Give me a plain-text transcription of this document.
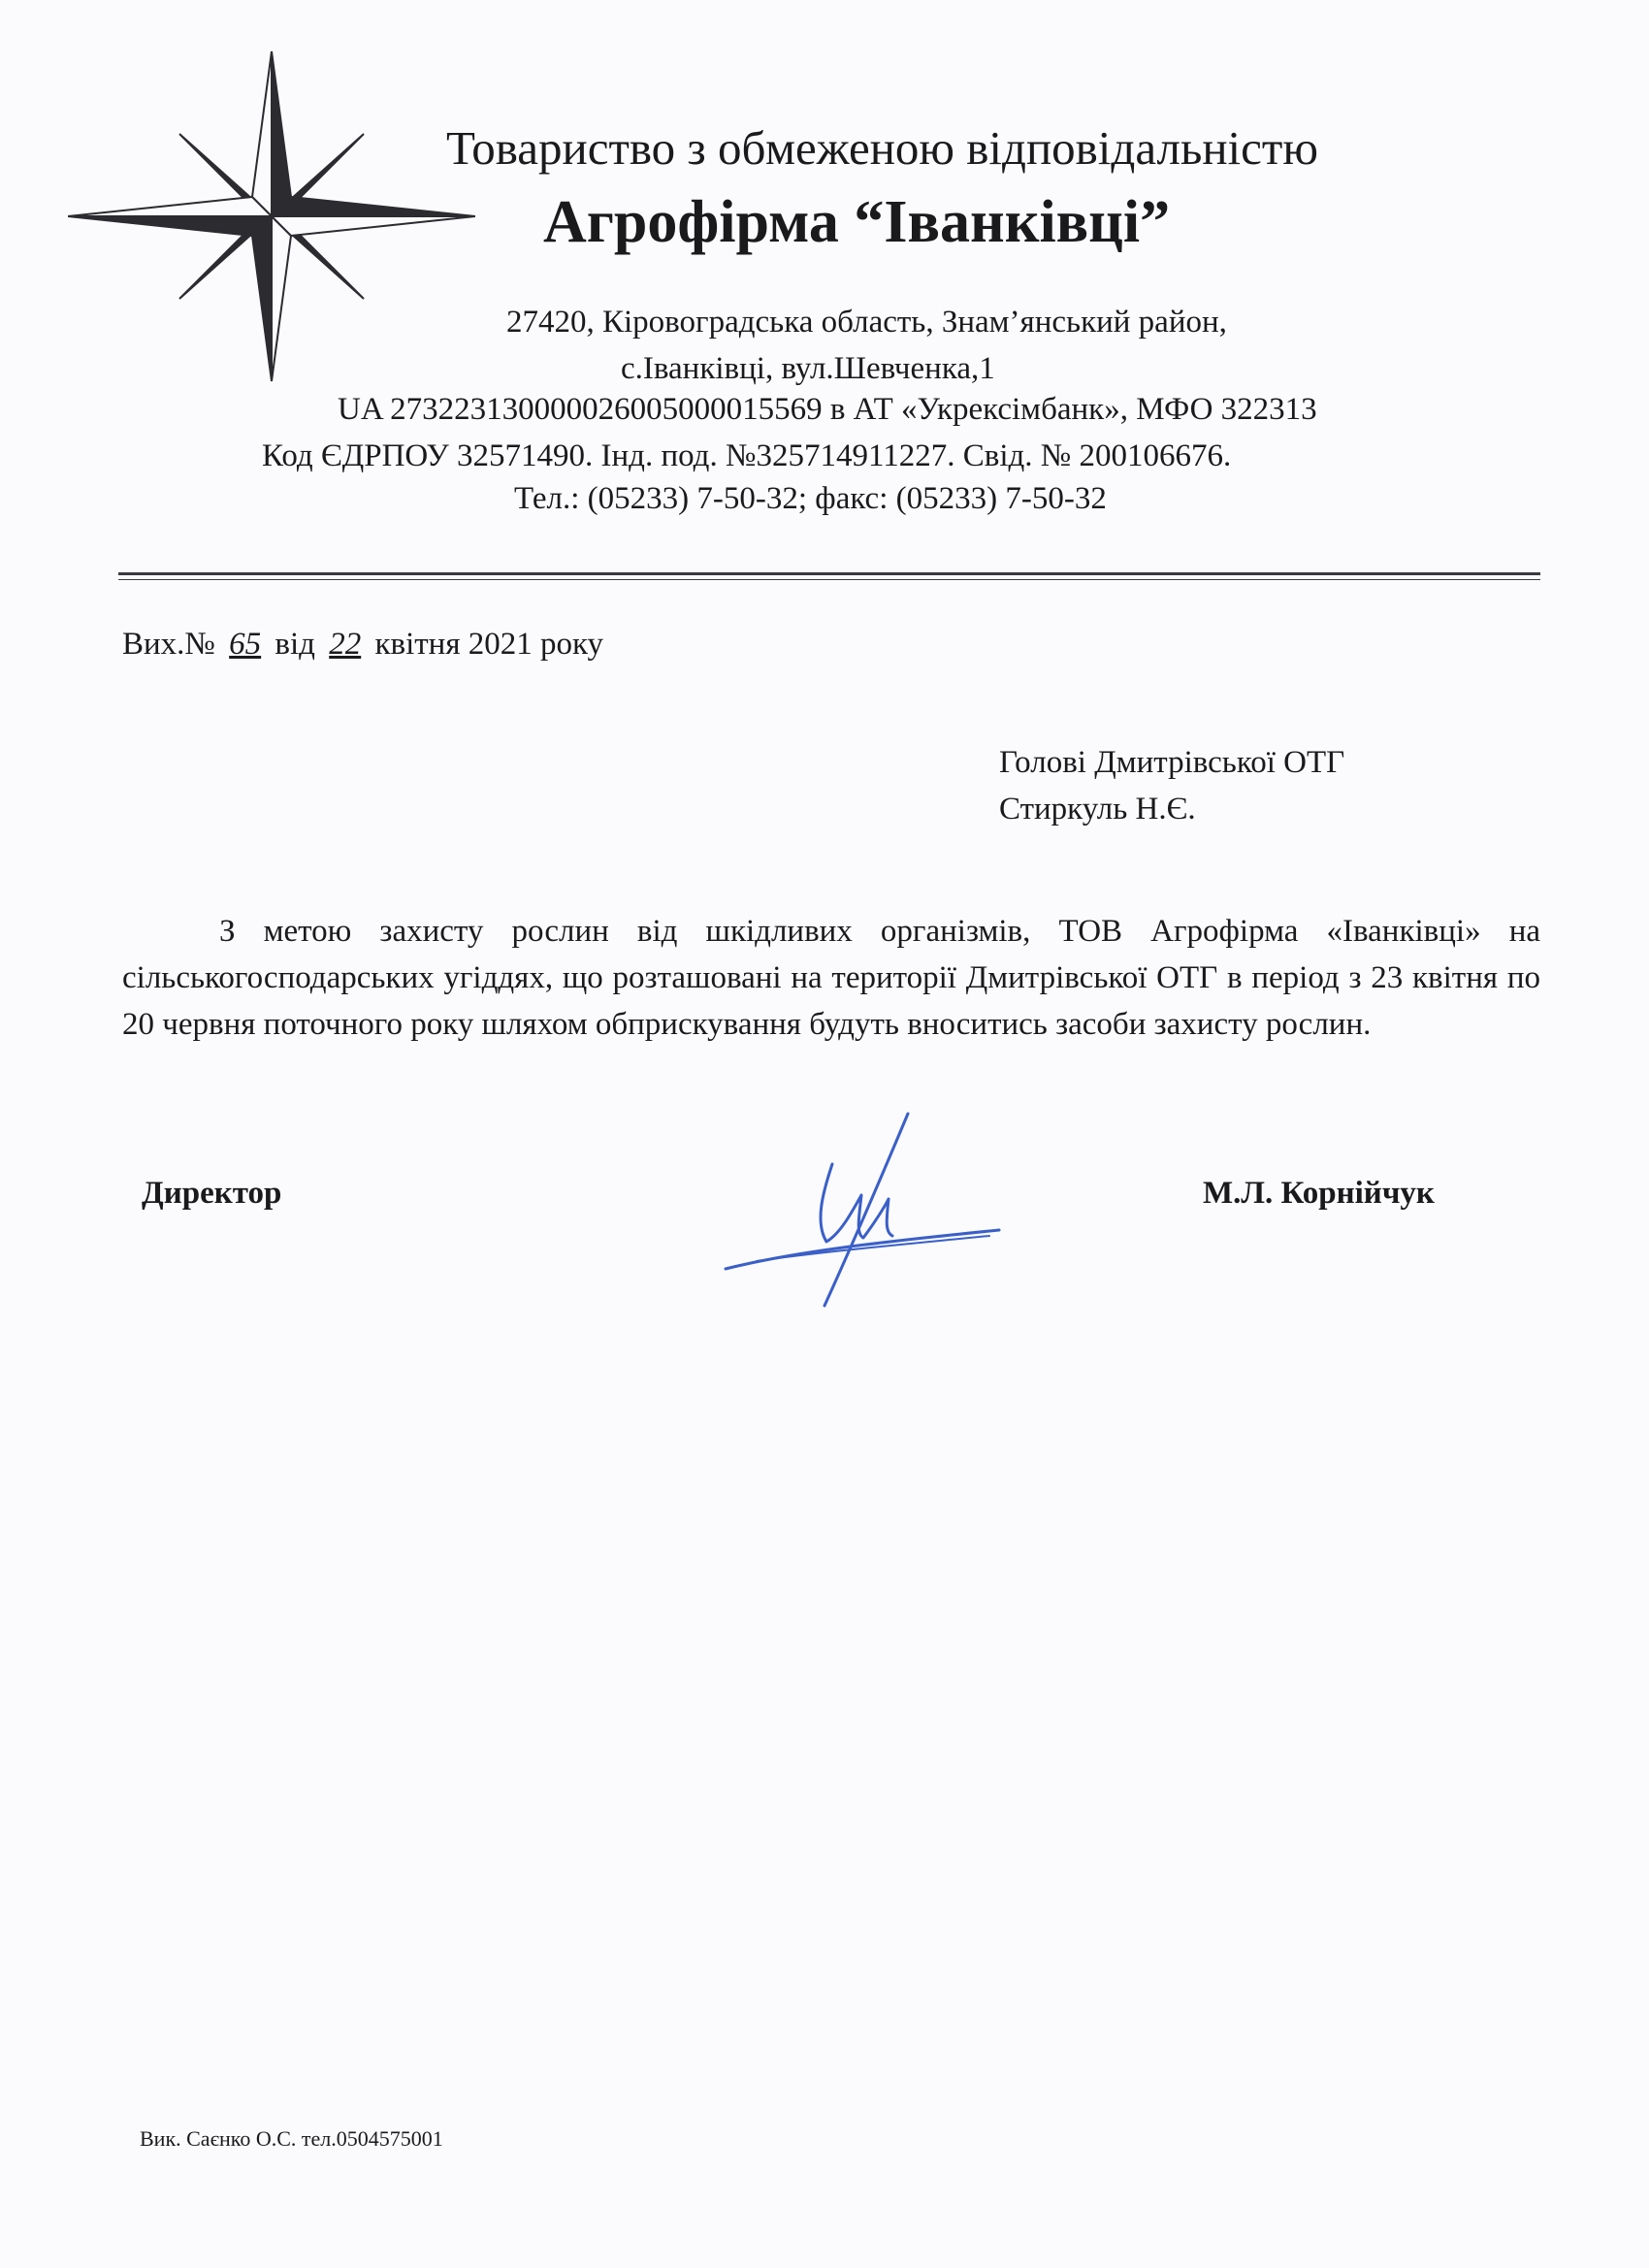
Товариство з обмеженою відповідальністю
Агрофірма “Іванківці”
27420, Кіровоградська область, Знам’янський район,
с.Іванківці, вул.Шевченка,1
UA 273223130000026005000015569 в АТ «Укрексімбанк», МФО 322313
Код ЄДРПОУ 32571490. Інд. под. №325714911227. Свід. № 200106676.
Тел.: (05233) 7-50-32; факс: (05233) 7-50-32
Вих.№ 65 від 22 квітня 2021 року
Голові Дмитрівської ОТГ
Стиркуль Н.Є.
З метою захисту рослин від шкідливих організмів, ТОВ Агрофірма «Іванківці» на сільськогосподарських угіддях, що розташовані на території Дмитрівської ОТГ в період з 23 квітня по 20 червня поточного року шляхом обприскування будуть вноситись засоби захисту рослин.
Директор	М.Л. Корнійчук
Вик. Саєнко О.С. тел.0504575001
